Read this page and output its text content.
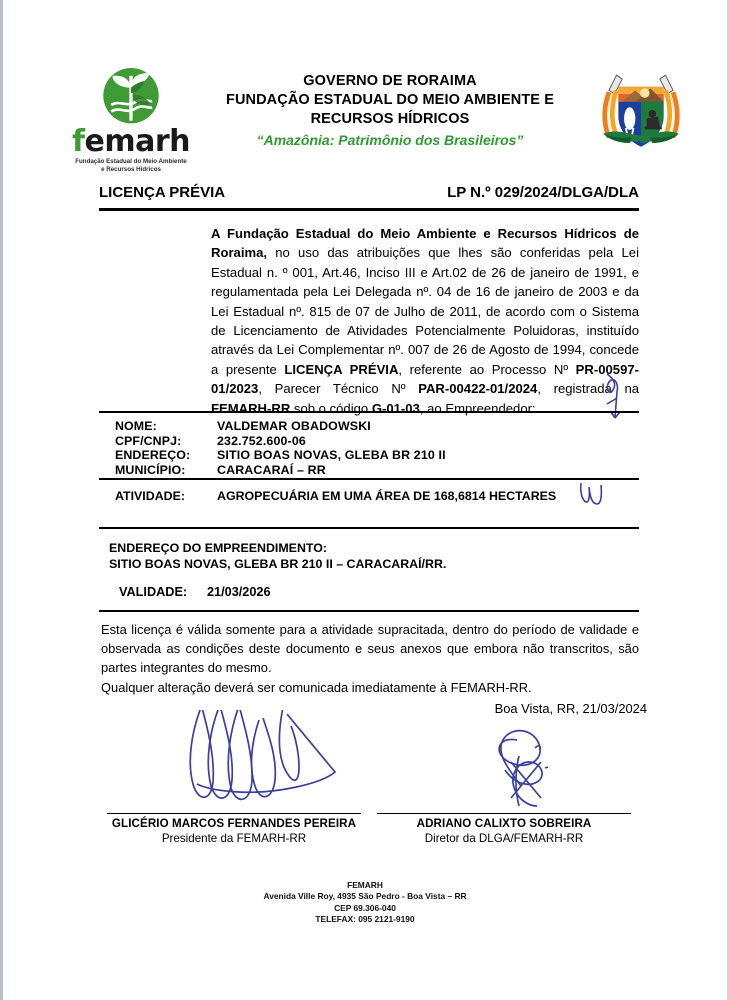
femarh
Fundação Estadual do Meio Ambiente
e Recursos Hídricos
GOVERNO DE RORAIMA
FUNDAÇÃO ESTADUAL DO MEIO AMBIENTE E
RECURSOS HÍDRICOS
“Amazônia: Patrimônio dos Brasileiros”
LICENÇA PRÉVIA	LP N.º 029/2024/DLGA/DLA
A Fundação Estadual do Meio Ambiente e Recursos Hídricos de Roraima, no uso das atribuições que lhes são conferidas pela Lei Estadual n. º 001, Art.46, Inciso III e Art.02 de 26 de janeiro de 1991, e regulamentada pela Lei Delegada nº. 04 de 16 de janeiro de 2003 e da Lei Estadual nº. 815 de 07 de Julho de 2011, de acordo com o Sistema de Licenciamento de Atividades Potencialmente Poluidoras, instituído através da Lei Complementar nº. 007 de 26 de Agosto de 1994, concede a presente LICENÇA PRÉVIA, referente ao Processo Nº PR-00597-01/2023, Parecer Técnico Nº PAR-00422-01/2024, registrada na FEMARH-RR sob o código G-01-03, ao Empreendedor:
NOME:	VALDEMAR OBADOWSKI
CPF/CNPJ:	232.752.600-06
ENDEREÇO:	SITIO BOAS NOVAS, GLEBA BR 210 II
MUNICÍPIO:	CARACARAÍ – RR
ATIVIDADE:	AGROPECUÁRIA EM UMA ÁREA DE 168,6814 HECTARES
ENDEREÇO DO EMPREENDIMENTO:
SITIO BOAS NOVAS, GLEBA BR 210 II – CARACARAÍ/RR.
VALIDADE:	21/03/2026
Esta licença é válida somente para a atividade supracitada, dentro do período de validade e observada as condições deste documento e seus anexos que embora não transcritos, são partes integrantes do mesmo.
Qualquer alteração deverá ser comunicada imediatamente à FEMARH-RR.
Boa Vista, RR, 21/03/2024
GLICÉRIO MARCOS FERNANDES PEREIRA
Presidente da FEMARH-RR
ADRIANO CALIXTO SOBREIRA
Diretor da DLGA/FEMARH-RR
FEMARH
Avenida Ville Roy, 4935 São Pedro - Boa Vista – RR
CEP 69.306-040
TELEFAX: 095 2121-9190
